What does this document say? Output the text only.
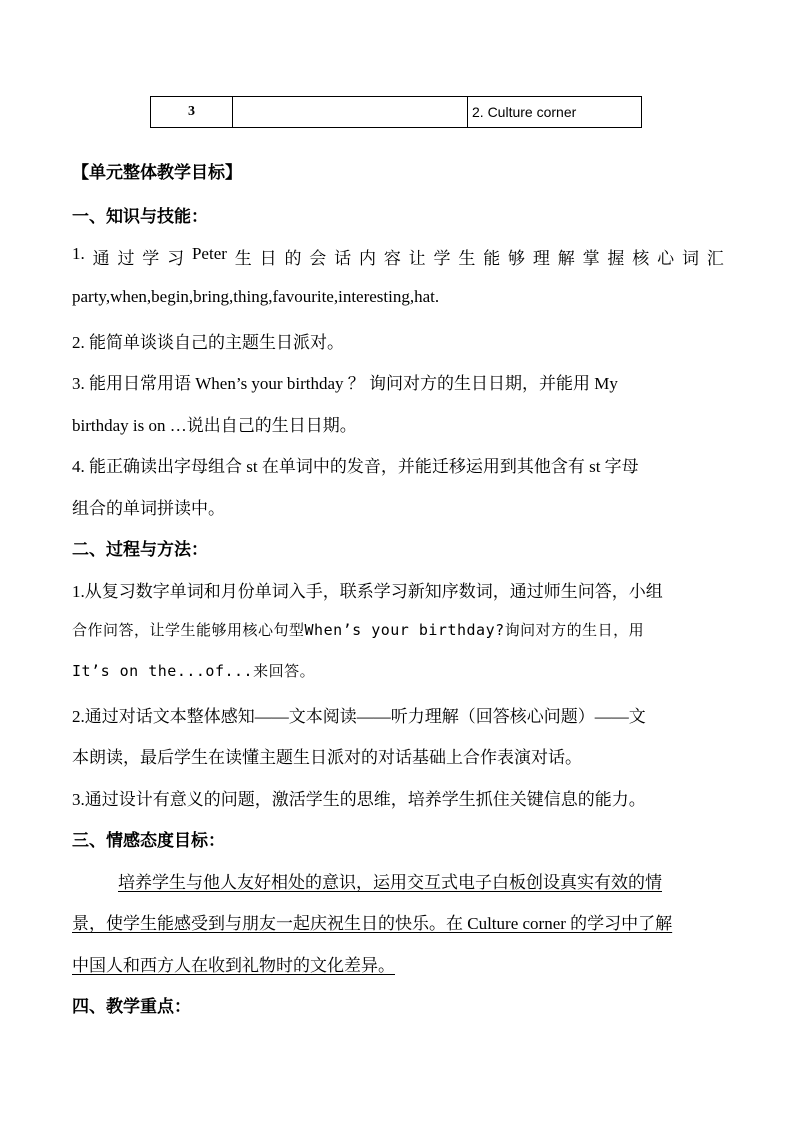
3	2. Culture corner
【单元整体教学目标】
一、知识与技能：
1. 通 过 学 习 Peter 生 日 的 会 话 内 容 让 学 生 能 够 理 解 掌 握 核 心 词 汇
party,when,begin,bring,thing,favourite,interesting,hat.
2. 能简单谈谈自己的主题生日派对。
3. 能用日常用语 When’s your birthday ？ 询问对方的生日日期，并能用 My
birthday is on …说出自己的生日日期。
4. 能正确读出字母组合 st 在单词中的发音，并能迁移运用到其他含有 st 字母
组合的单词拼读中。
二、过程与方法：
1.从复习数字单词和月份单词入手，联系学习新知序数词，通过师生问答，小组
合作问答，让学生能够用核心句型When’s your birthday?询问对方的生日，用
It’s on the...of...来回答。
2.通过对话文本整体感知——文本阅读——听力理解（回答核心问题）——文
本朗读，最后学生在读懂主题生日派对的对话基础上合作表演对话。
3.通过设计有意义的问题，激活学生的思维，培养学生抓住关键信息的能力。
三、情感态度目标：
培养学生与他人友好相处的意识，运用交互式电子白板创设真实有效的情
景，使学生能感受到与朋友一起庆祝生日的快乐。在 Culture corner 的学习中了解
中国人和西方人在收到礼物时的文化差异。
四、教学重点：
